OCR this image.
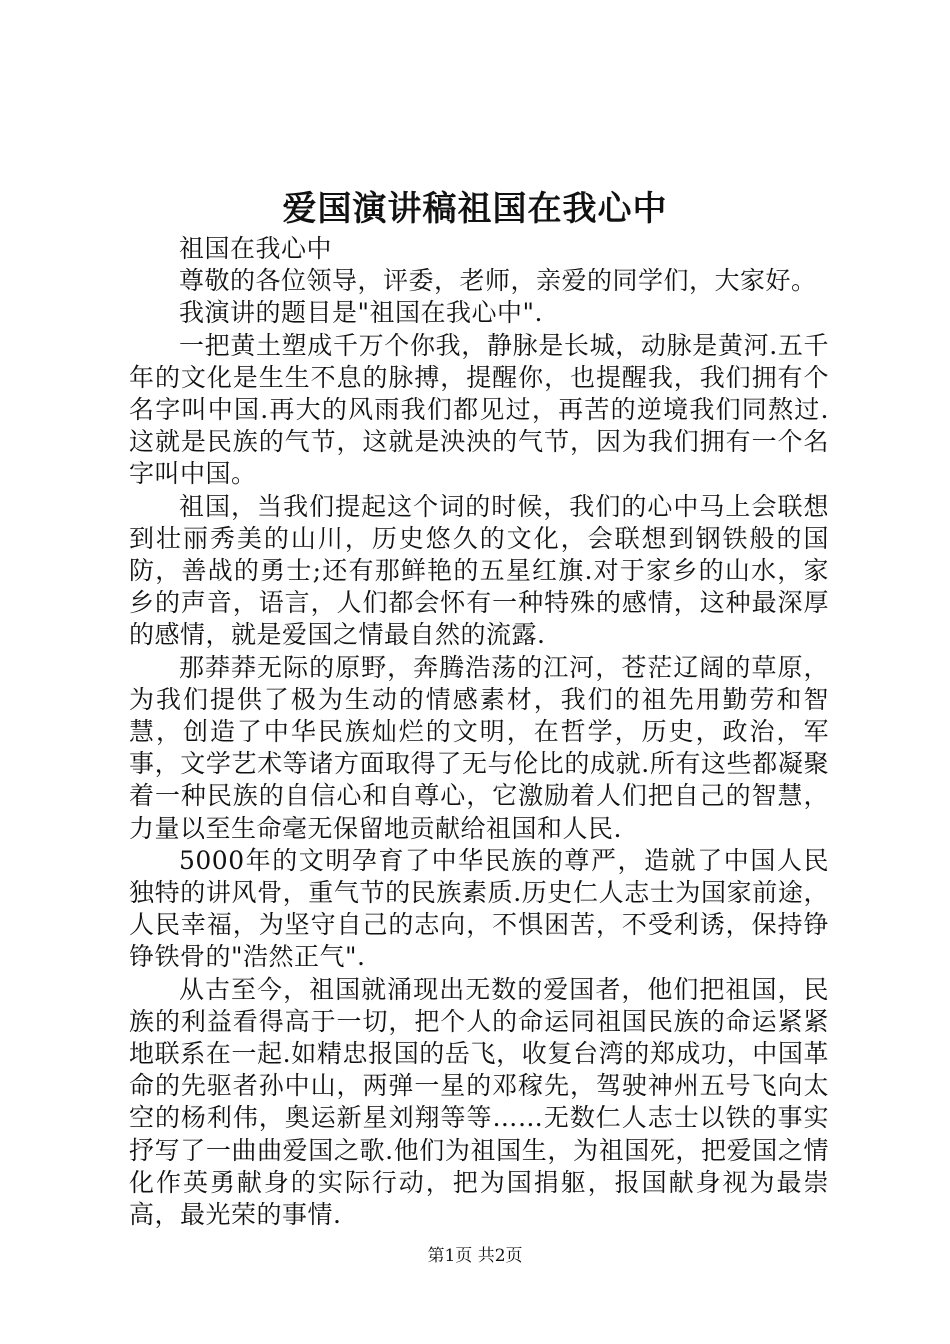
爱国演讲稿祖国在我心中

祖国在我心中

尊敬的各位领导，评委，老师，亲爱的同学们，大家好。

我演讲的题目是"祖国在我心中".

一把黄土塑成千万个你我，静脉是长城，动脉是黄河.五千年的文化是生生不息的脉搏，提醒你，也提醒我，我们拥有个名字叫中国.再大的风雨我们都见过，再苦的逆境我们同熬过.这就是民族的气节，这就是泱泱的气节，因为我们拥有一个名字叫中国。

祖国，当我们提起这个词的时候，我们的心中马上会联想到壮丽秀美的山川，历史悠久的文化，会联想到钢铁般的国防，善战的勇士;还有那鲜艳的五星红旗.对于家乡的山水，家乡的声音，语言，人们都会怀有一种特殊的感情，这种最深厚的感情，就是爱国之情最自然的流露.

那莽莽无际的原野，奔腾浩荡的江河，苍茫辽阔的草原，为我们提供了极为生动的情感素材，我们的祖先用勤劳和智慧，创造了中华民族灿烂的文明，在哲学，历史，政治，军事，文学艺术等诸方面取得了无与伦比的成就.所有这些都凝聚着一种民族的自信心和自尊心，它激励着人们把自己的智慧，力量以至生命毫无保留地贡献给祖国和人民.

5000年的文明孕育了中华民族的尊严，造就了中国人民独特的讲风骨，重气节的民族素质.历史仁人志士为国家前途，人民幸福，为坚守自己的志向，不惧困苦，不受利诱，保持铮铮铁骨的"浩然正气".

从古至今，祖国就涌现出无数的爱国者，他们把祖国，民族的利益看得高于一切，把个人的命运同祖国民族的命运紧紧地联系在一起.如精忠报国的岳飞，收复台湾的郑成功，中国革命的先驱者孙中山，两弹一星的邓稼先，驾驶神州五号飞向太空的杨利伟，奥运新星刘翔等等……无数仁人志士以铁的事实抒写了一曲曲爱国之歌.他们为祖国生，为祖国死，把爱国之情化作英勇献身的实际行动，把为国捐躯，报国献身视为最崇高，最光荣的事情.

第1页 共2页
